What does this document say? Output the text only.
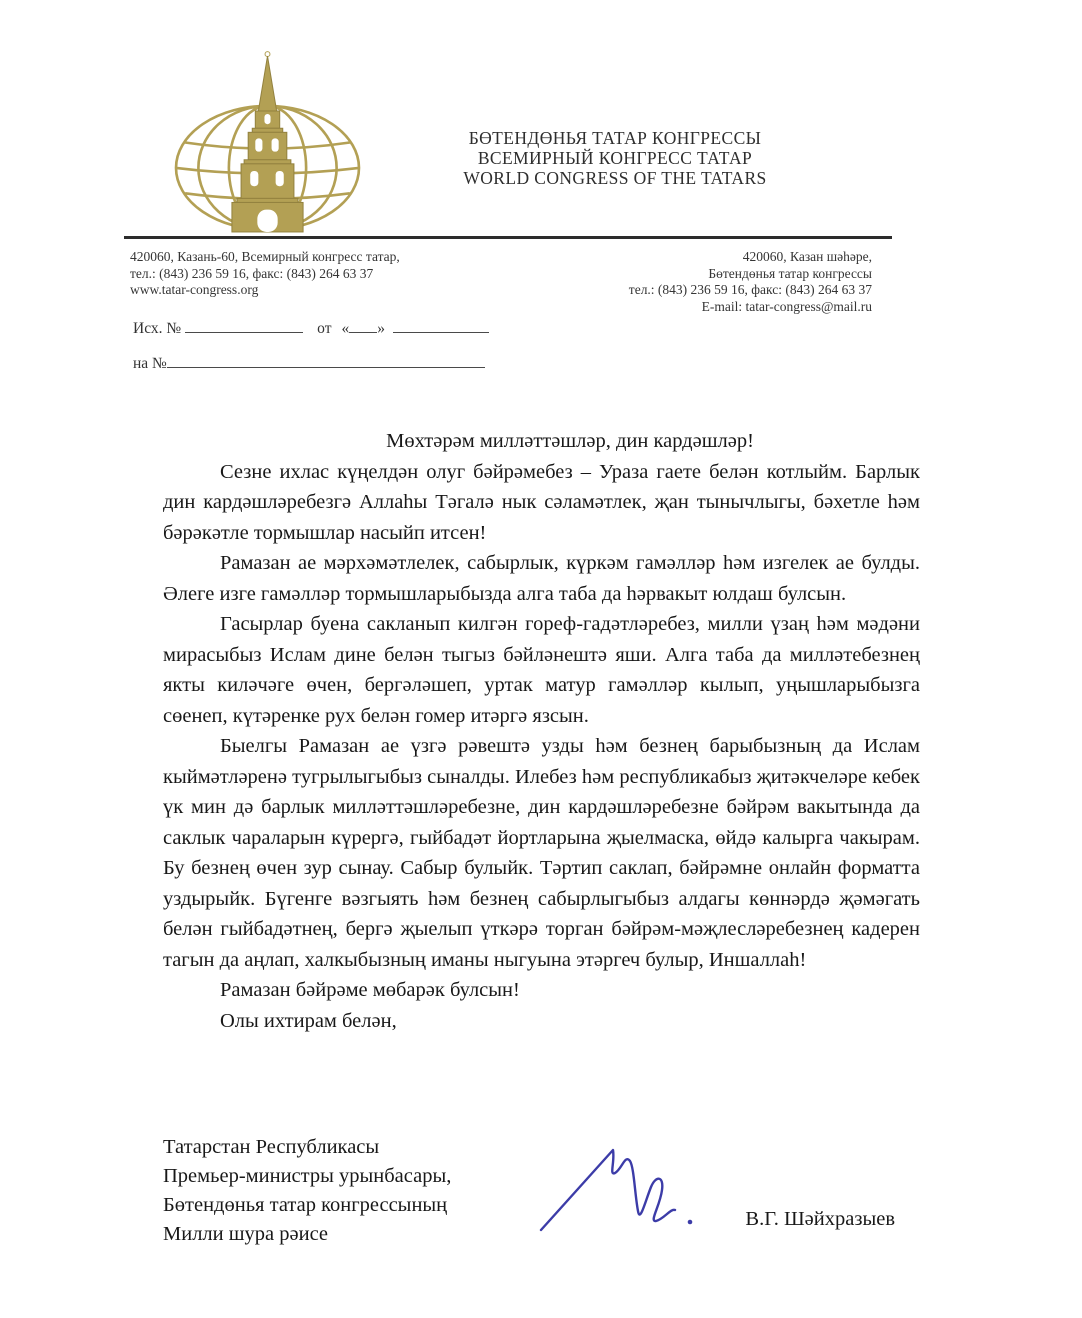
БӨТЕНДӨНЬЯ ТАТАР КОНГРЕССЫ
ВСЕМИРНЫЙ КОНГРЕСС ТАТАР
WORLD CONGRESS OF THE TATARS
420060, Казань-60, Всемирный конгресс татар,
тел.: (843) 236 59 16, факс: (843) 264 63 37
www.tatar-congress.org
420060, Казан шәһәре,
Бөтендөнья татар конгрессы
тел.: (843) 236 59 16, факс: (843) 264 63 37
E-mail: tatar-congress@mail.ru
Исх. №	от « »
на №

Мөхтәрәм милләттәшләр, дин кардәшләр!

Сезне ихлас күңелдән олуг бәйрәмебез – Ураза гаете белән котлыйм. Барлык дин кардәшләребезгә Аллаһы Тәгалә нык сәламәтлек, җан тынычлыгы, бәхетле һәм бәрәкәтле тормышлар насыйп итсен!

Рамазан ае мәрхәмәтлелек, сабырлык, күркәм гамәлләр һәм изгелек ае булды. Әлеге изге гамәлләр тормышларыбызда алга таба да һәрвакыт юлдаш булсын.

Гасырлар буена сакланып килгән гореф-гадәтләребез, милли үзаң һәм мәдәни мирасыбыз Ислам дине белән тыгыз бәйләнештә яши. Алга таба да милләтебезнең якты киләчәге өчен, бергәләшеп, уртак матур гамәлләр кылып, уңышларыбызга сөенеп, күтәренке рух белән гомер итәргә язсын.

Быелгы Рамазан ае үзгә рәвештә узды һәм безнең барыбызның да Ислам кыймәтләренә тугрылыгыбыз сыналды. Илебез һәм республикабыз җитәкчеләре кебек үк мин дә барлык милләттәшләребезне, дин кардәшләребезне бәйрәм вакытында да саклык чараларын күрергә, гыйбадәт йортларына җыелмаска, өйдә калырга чакырам. Бу безнең өчен зур сынау. Сабыр булыйк. Тәртип саклап, бәйрәмне онлайн форматта уздырыйк. Бүгенге вәзгыять һәм безнең сабырлыгыбыз алдагы көннәрдә җәмәгать белән гыйбадәтнең, бергә җыелып үткәрә торган бәйрәм-мәҗлесләребезнең кадерен тагын да аңлап, халкыбызның иманы ныгуына этәргеч булыр, Иншаллаһ!

Рамазан бәйрәме мөбарәк булсын!

Олы ихтирам белән,

Татарстан Республикасы
Премьер-министры урынбасары,
Бөтендөнья татар конгрессының
Милли шура рәисе
В.Г. Шәйхразыев
